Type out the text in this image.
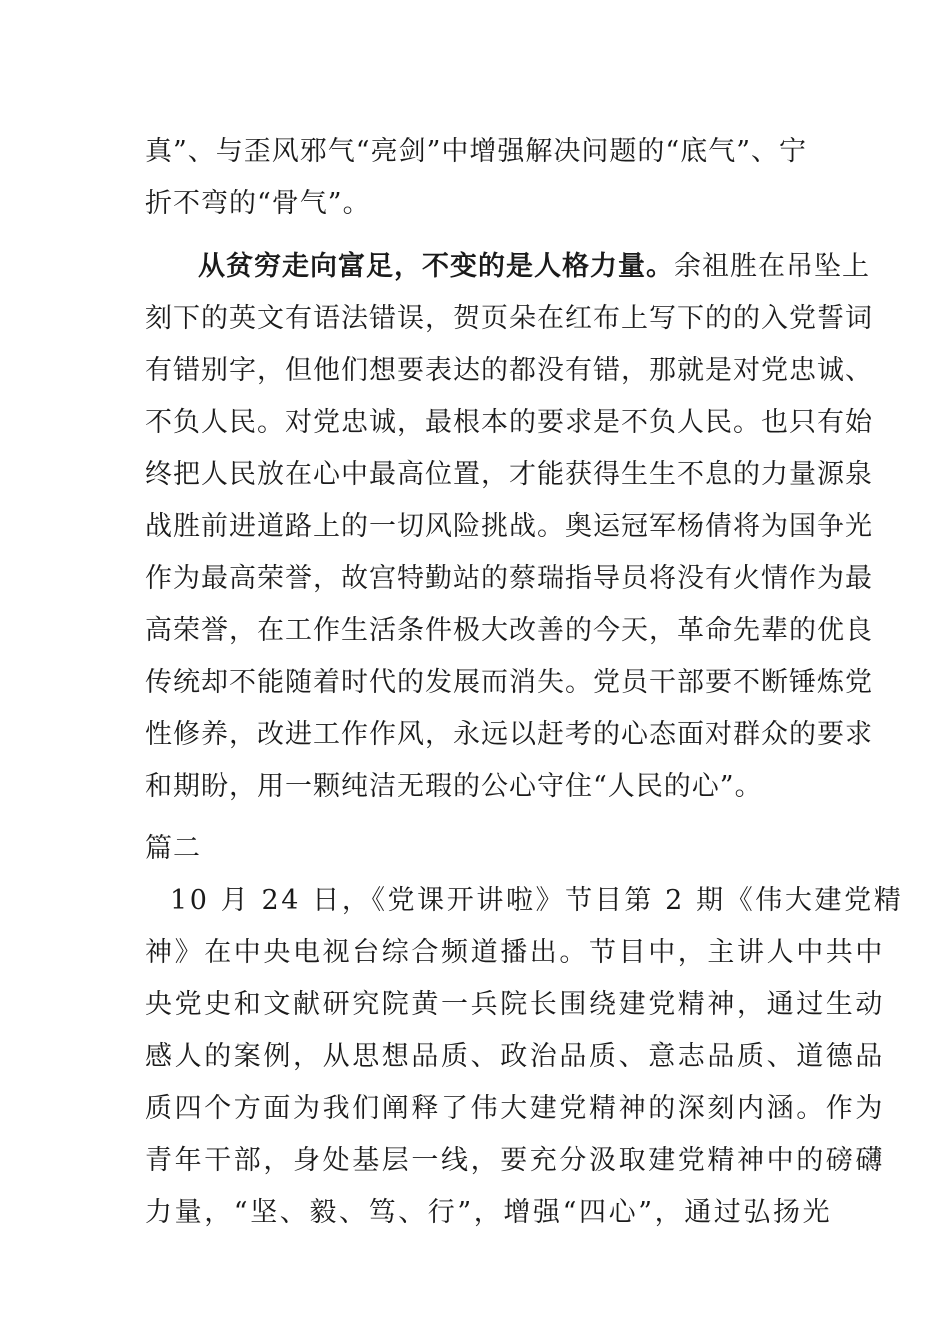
真”、与歪风邪气“亮剑”中增强解决问题的“底气”、宁
折不弯的“骨气”。
从贫穷走向富足，不变的是人格力量。余祖胜在吊坠上
刻下的英文有语法错误，贺页朵在红布上写下的的入党誓词
有错别字，但他们想要表达的都没有错，那就是对党忠诚、
不负人民。对党忠诚，最根本的要求是不负人民。也只有始
终把人民放在心中最高位置，才能获得生生不息的力量源泉
战胜前进道路上的一切风险挑战。奥运冠军杨倩将为国争光
作为最高荣誉，故宫特勤站的蔡瑞指导员将没有火情作为最
高荣誉，在工作生活条件极大改善的今天，革命先辈的优良
传统却不能随着时代的发展而消失。党员干部要不断锤炼党
性修养，改进工作作风，永远以赶考的心态面对群众的要求
和期盼，用一颗纯洁无瑕的公心守住“人民的心”。
篇二
10 月 24 日，《党课开讲啦》节目第 2 期《伟大建党精
神》在中央电视台综合频道播出。节目中，主讲人中共中
央党史和文献研究院黄一兵院长围绕建党精神，通过生动
感人的案例，从思想品质、政治品质、意志品质、道德品
质四个方面为我们阐释了伟大建党精神的深刻内涵。作为
青年干部，身处基层一线，要充分汲取建党精神中的磅礴
力量，“坚、毅、笃、行”，增强“四心”，通过弘扬光
